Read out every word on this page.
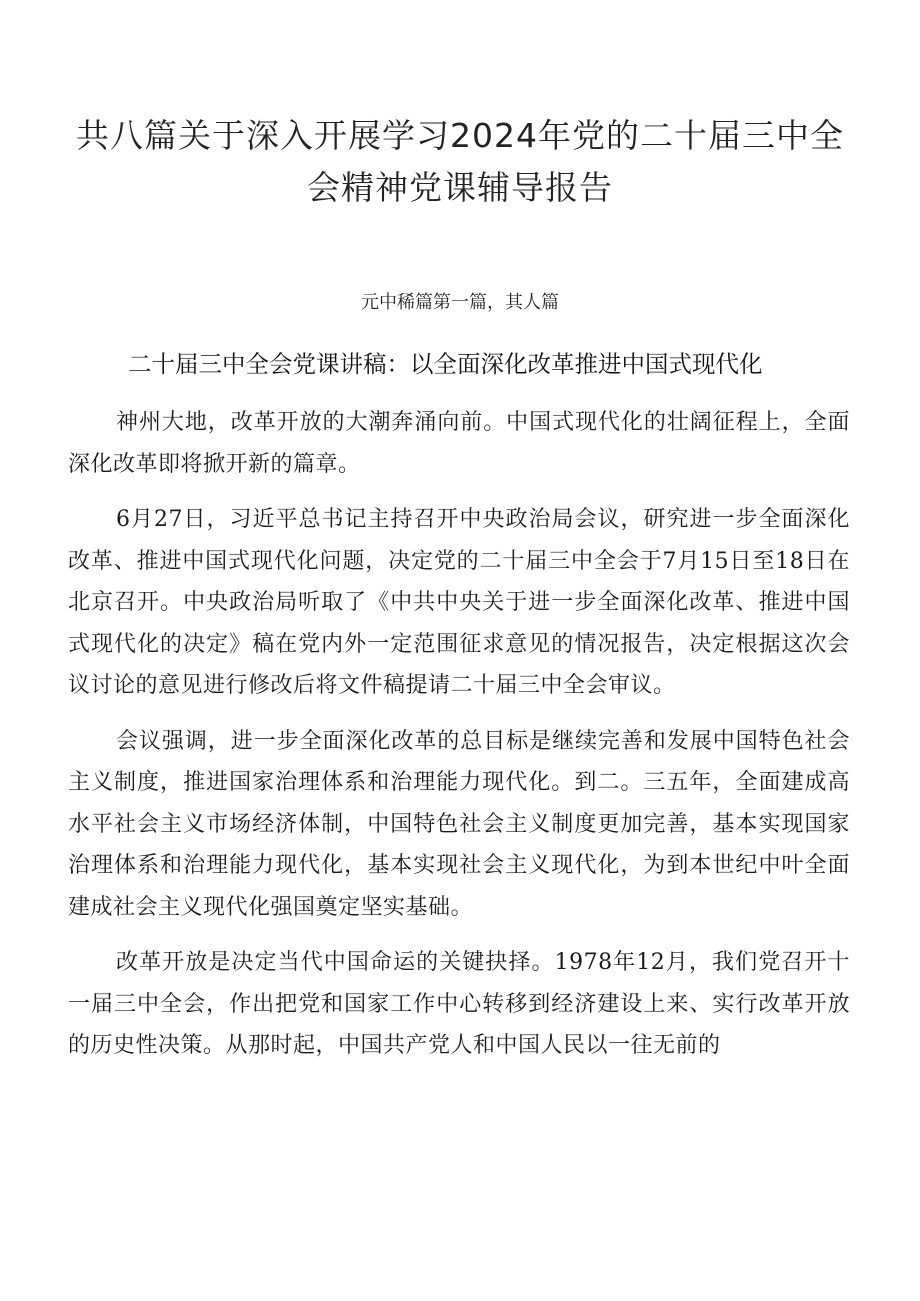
共八篇关于深入开展学习2024年党的二十届三中全会精神党课辅导报告
元中稀篇第一篇，其人篇
二十届三中全会党课讲稿：以全面深化改革推进中国式现代化

神州大地，改革开放的大潮奔涌向前。中国式现代化的壮阔征程上，全面深化改革即将掀开新的篇章。

6月27日，习近平总书记主持召开中央政治局会议，研究进一步全面深化改革、推进中国式现代化问题，决定党的二十届三中全会于7月15日至18日在北京召开。中央政治局听取了《中共中央关于进一步全面深化改革、推进中国式现代化的决定》稿在党内外一定范围征求意见的情况报告，决定根据这次会议讨论的意见进行修改后将文件稿提请二十届三中全会审议。

会议强调，进一步全面深化改革的总目标是继续完善和发展中国特色社会主义制度，推进国家治理体系和治理能力现代化。到二。三五年，全面建成高水平社会主义市场经济体制，中国特色社会主义制度更加完善，基本实现国家治理体系和治理能力现代化，基本实现社会主义现代化，为到本世纪中叶全面建成社会主义现代化强国奠定坚实基础。

改革开放是决定当代中国命运的关键抉择。1978年12月，我们党召开十一届三中全会，作出把党和国家工作中心转移到经济建设上来、实行改革开放的历史性决策。从那时起，中国共产党人和中国人民以一往无前的
